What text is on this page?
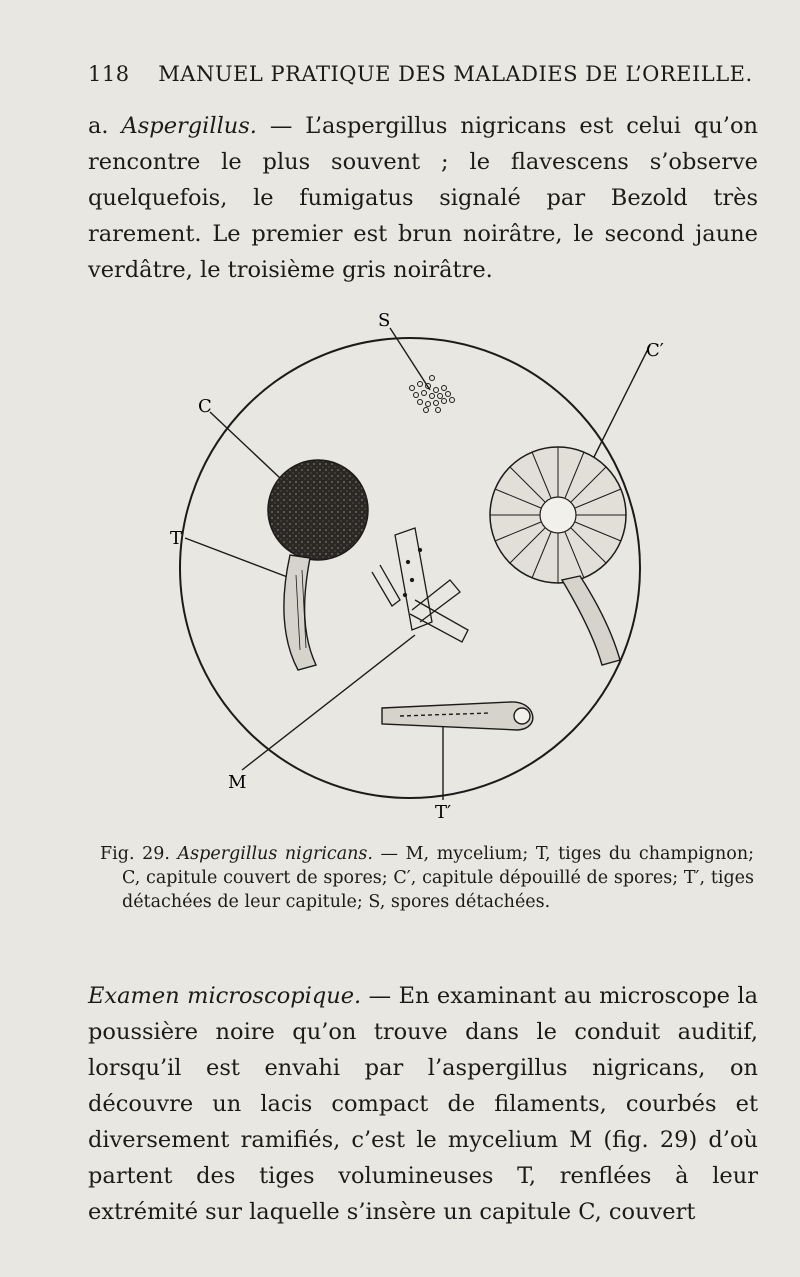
118 MANUEL PRATIQUE DES MALADIES DE L’OREILLE.

a. Aspergillus. — L’aspergillus nigricans est celui qu’on rencontre le plus souvent ; le flavescens s’observe quelquefois, le fumigatus signalé par Bezold très rarement. Le premier est brun noirâtre, le second jaune verdâtre, le troisième gris noirâtre.

S
C′
C
T
M
T′

Fig. 29. Aspergillus nigricans. — M, mycelium; T, tiges du champignon; C, capitule couvert de spores; C′, capitule dépouillé de spores; T′, tiges détachées de leur capitule; S, spores détachées.

Examen microscopique. — En examinant au microscope la poussière noire qu’on trouve dans le conduit auditif, lorsqu’il est envahi par l’aspergillus nigricans, on découvre un lacis compact de filaments, courbés et diversement ramifiés, c’est le mycelium M (fig. 29) d’où partent des tiges volumineuses T, renflées à leur extrémité sur laquelle s’insère un capitule C, couvert
